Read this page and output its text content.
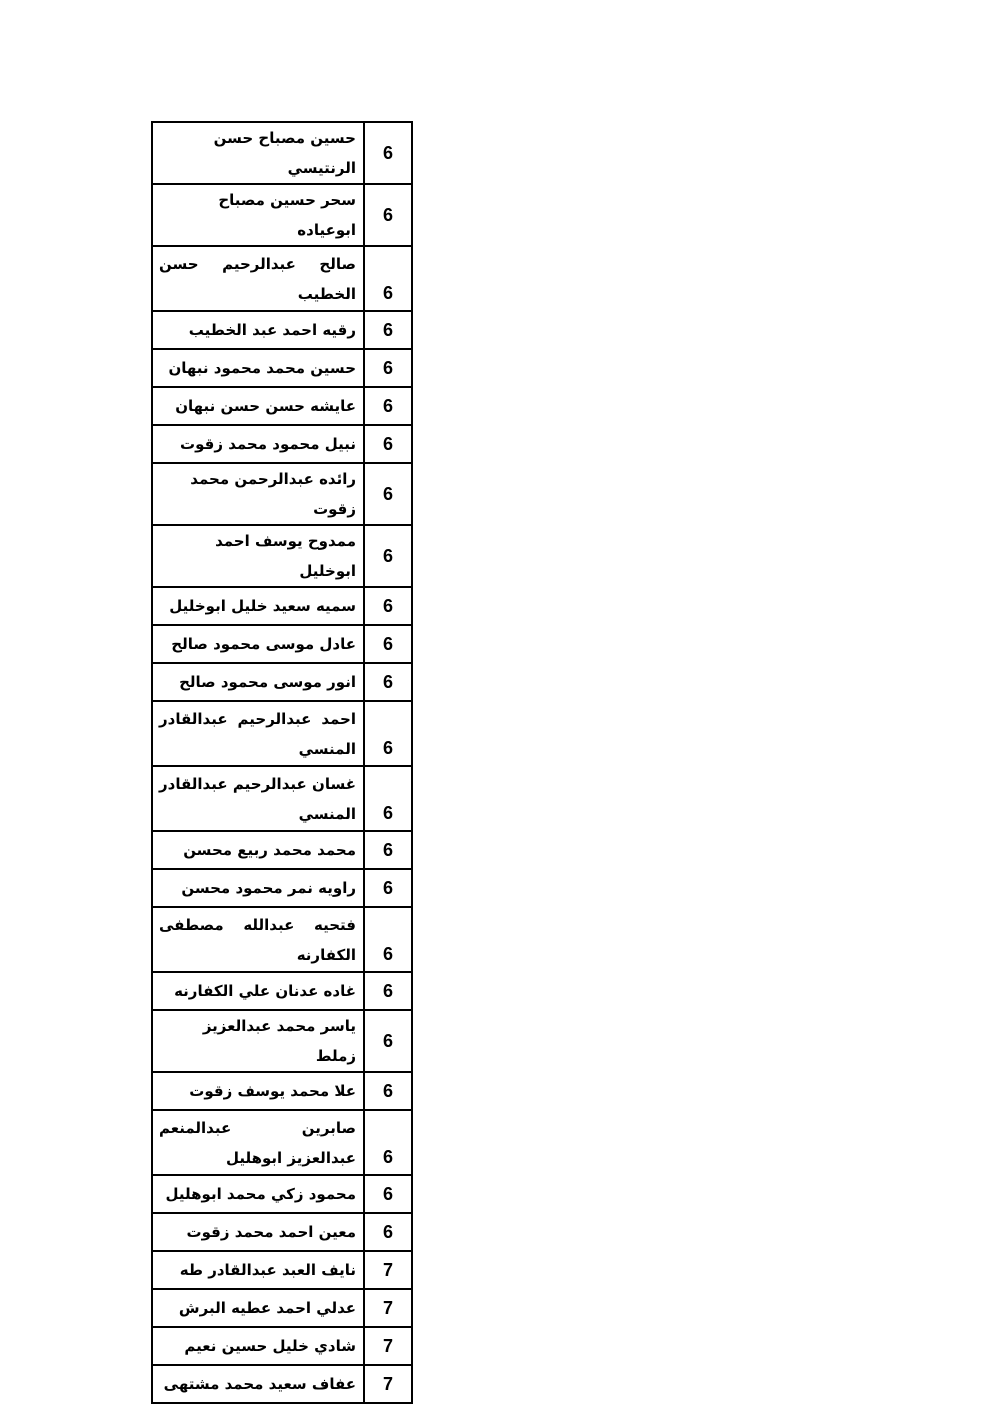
6	حسين مصباح حسن الرنتيسي
6	سحر حسين مصباح ابوعياده
6	صالح عبدالرحيم حسن الخطيب
6	رقيه احمد عبد الخطيب
6	حسين محمد محمود نبهان
6	عايشه حسن حسن نبهان
6	نبيل محمود محمد زقوت
6	رائده عبدالرحمن محمد زقوت
6	ممدوح يوسف احمد ابوخليل
6	سميه سعيد خليل ابوخليل
6	عادل موسى محمود صالح
6	انور موسى محمود صالح
6	احمد عبدالرحيم عبدالقادر المنسي
6	غسان عبدالرحيم عبدالقادر المنسي
6	محمد محمد ربيع محسن
6	راويه نمر محمود محسن
6	فتحيه عبدالله مصطفى الكفارنه
6	غاده عدنان علي الكفارنه
6	ياسر محمد عبدالعزيز زملط
6	علا محمد يوسف زقوت
6	صابرين عبدالمنعم عبدالعزيز ابوهليل
6	محمود زكي محمد ابوهليل
6	معين احمد محمد زقوت
7	نايف العبد عبدالقادر طه
7	عدلي احمد عطيه البرش
7	شادي خليل حسين نعيم
7	عفاف سعيد محمد مشتهى
